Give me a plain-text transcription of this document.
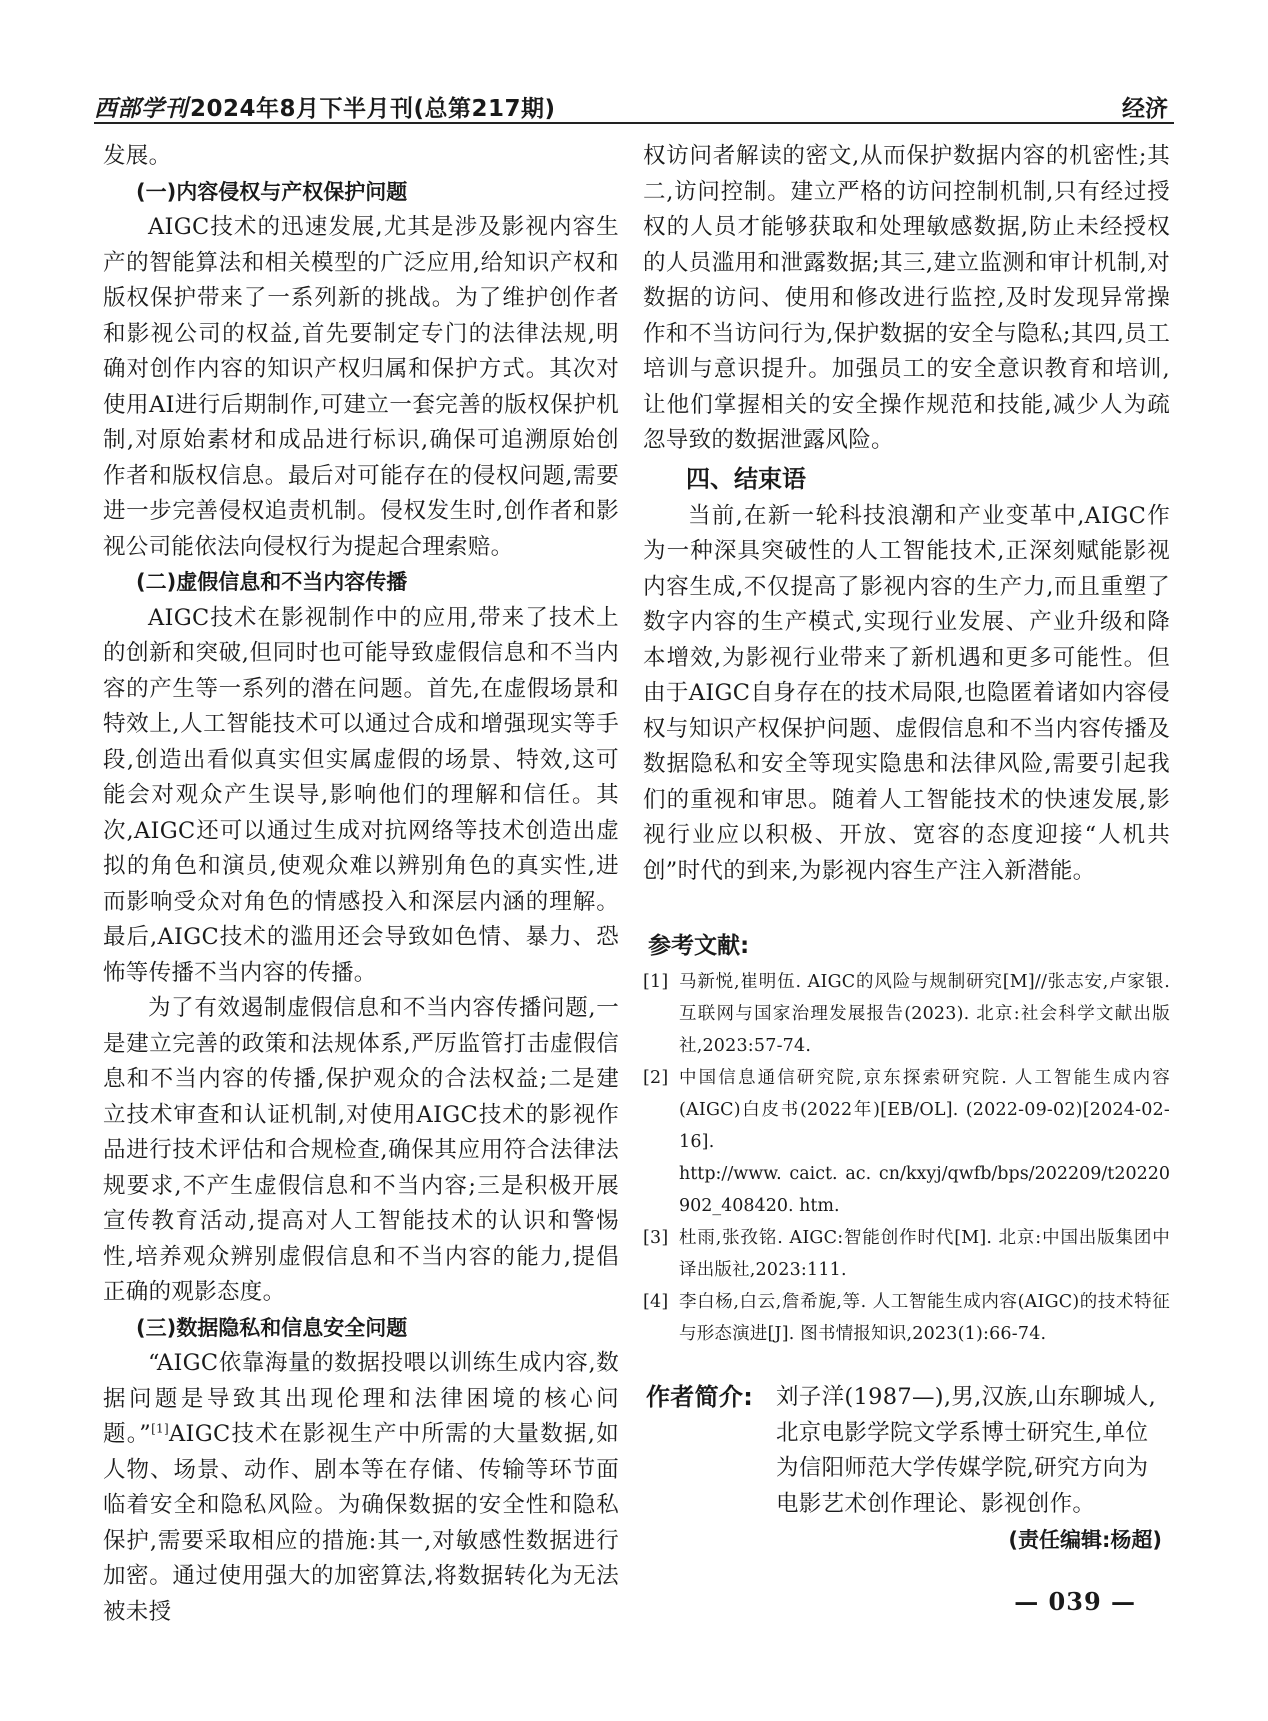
西部学刊2024年8月下半月刊(总第217期)	经济

发展。

(一)内容侵权与产权保护问题

AIGC技术的迅速发展,尤其是涉及影视内容生产的智能算法和相关模型的广泛应用,给知识产权和版权保护带来了一系列新的挑战。为了维护创作者和影视公司的权益,首先要制定专门的法律法规,明确对创作内容的知识产权归属和保护方式。其次对使用AI进行后期制作,可建立一套完善的版权保护机制,对原始素材和成品进行标识,确保可追溯原始创作者和版权信息。最后对可能存在的侵权问题,需要进一步完善侵权追责机制。侵权发生时,创作者和影视公司能依法向侵权行为提起合理索赔。

(二)虚假信息和不当内容传播

AIGC技术在影视制作中的应用,带来了技术上的创新和突破,但同时也可能导致虚假信息和不当内容的产生等一系列的潜在问题。首先,在虚假场景和特效上,人工智能技术可以通过合成和增强现实等手段,创造出看似真实但实属虚假的场景、特效,这可能会对观众产生误导,影响他们的理解和信任。其次,AIGC还可以通过生成对抗网络等技术创造出虚拟的角色和演员,使观众难以辨别角色的真实性,进而影响受众对角色的情感投入和深层内涵的理解。最后,AIGC技术的滥用还会导致如色情、暴力、恐怖等传播不当内容的传播。

为了有效遏制虚假信息和不当内容传播问题,一是建立完善的政策和法规体系,严厉监管打击虚假信息和不当内容的传播,保护观众的合法权益;二是建立技术审查和认证机制,对使用AIGC技术的影视作品进行技术评估和合规检查,确保其应用符合法律法规要求,不产生虚假信息和不当内容;三是积极开展宣传教育活动,提高对人工智能技术的认识和警惕性,培养观众辨别虚假信息和不当内容的能力,提倡正确的观影态度。

(三)数据隐私和信息安全问题

“AIGC依靠海量的数据投喂以训练生成内容,数据问题是导致其出现伦理和法律困境的核心问题。”[1]AIGC技术在影视生产中所需的大量数据,如人物、场景、动作、剧本等在存储、传输等环节面临着安全和隐私风险。为确保数据的安全性和隐私保护,需要采取相应的措施:其一,对敏感性数据进行加密。通过使用强大的加密算法,将数据转化为无法被未授

权访问者解读的密文,从而保护数据内容的机密性;其二,访问控制。建立严格的访问控制机制,只有经过授权的人员才能够获取和处理敏感数据,防止未经授权的人员滥用和泄露数据;其三,建立监测和审计机制,对数据的访问、使用和修改进行监控,及时发现异常操作和不当访问行为,保护数据的安全与隐私;其四,员工培训与意识提升。加强员工的安全意识教育和培训,让他们掌握相关的安全操作规范和技能,减少人为疏忽导致的数据泄露风险。

四、结束语

当前,在新一轮科技浪潮和产业变革中,AIGC作为一种深具突破性的人工智能技术,正深刻赋能影视内容生成,不仅提高了影视内容的生产力,而且重塑了数字内容的生产模式,实现行业发展、产业升级和降本增效,为影视行业带来了新机遇和更多可能性。但由于AIGC自身存在的技术局限,也隐匿着诸如内容侵权与知识产权保护问题、虚假信息和不当内容传播及数据隐私和安全等现实隐患和法律风险,需要引起我们的重视和审思。随着人工智能技术的快速发展,影视行业应以积极、开放、宽容的态度迎接“人机共创”时代的到来,为影视内容生产注入新潜能。

参考文献:
[1] 马新悦,崔明伍. AIGC的风险与规制研究[M]//张志安,卢家银. 互联网与国家治理发展报告(2023). 北京:社会科学文献出版社,2023:57-74.
[2] 中国信息通信研究院,京东探索研究院. 人工智能生成内容(AIGC)白皮书(2022年)[EB/OL]. (2022-09-02)[2024-02-16].
http://www. caict. ac. cn/kxyj/qwfb/bps/202209/t20220902_408420. htm.
[3] 杜雨,张孜铭. AIGC:智能创作时代[M]. 北京:中国出版集团中译出版社,2023:111.
[4] 李白杨,白云,詹希旎,等. 人工智能生成内容(AIGC)的技术特征与形态演进[J]. 图书情报知识,2023(1):66-74.
作者简介: 刘子洋(1987—),男,汉族,山东聊城人,北京电影学院文学系博士研究生,单位为信阳师范大学传媒学院,研究方向为电影艺术创作理论、影视创作。
(责任编辑:杨超)
— 039 —
